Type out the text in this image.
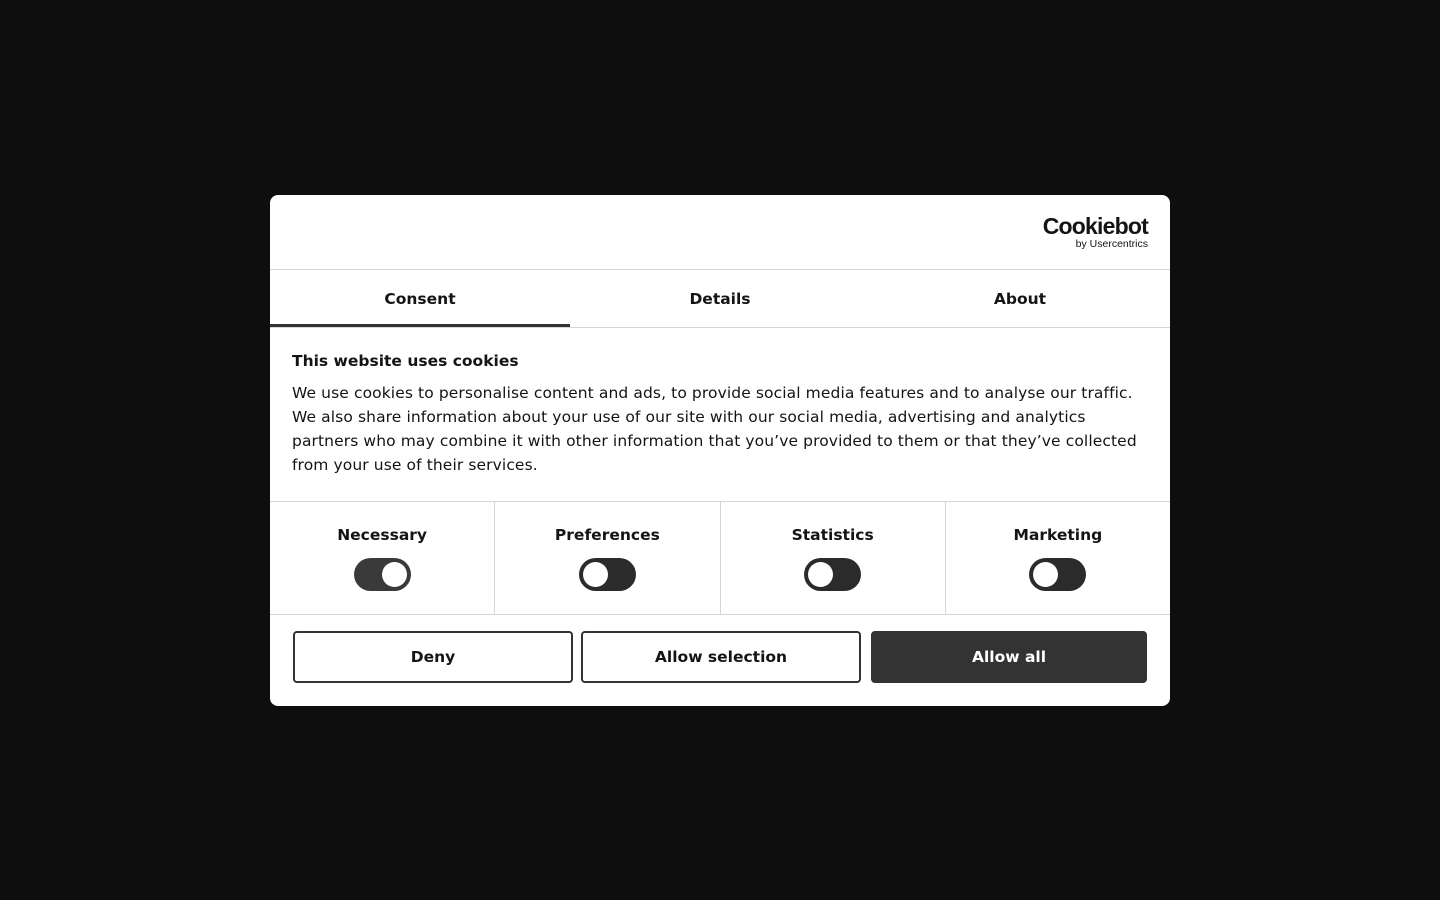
Cookiebot
by Usercentrics
Consent	Details	About
This website uses cookies
We use cookies to personalise content and ads, to provide social media features and to analyse our traffic. We also share information about your use of our site with our social media, advertising and analytics partners who may combine it with other information that you’ve provided to them or that they’ve collected from your use of their services.
Necessary	Preferences	Statistics	Marketing
Deny	Allow selection	Allow all
